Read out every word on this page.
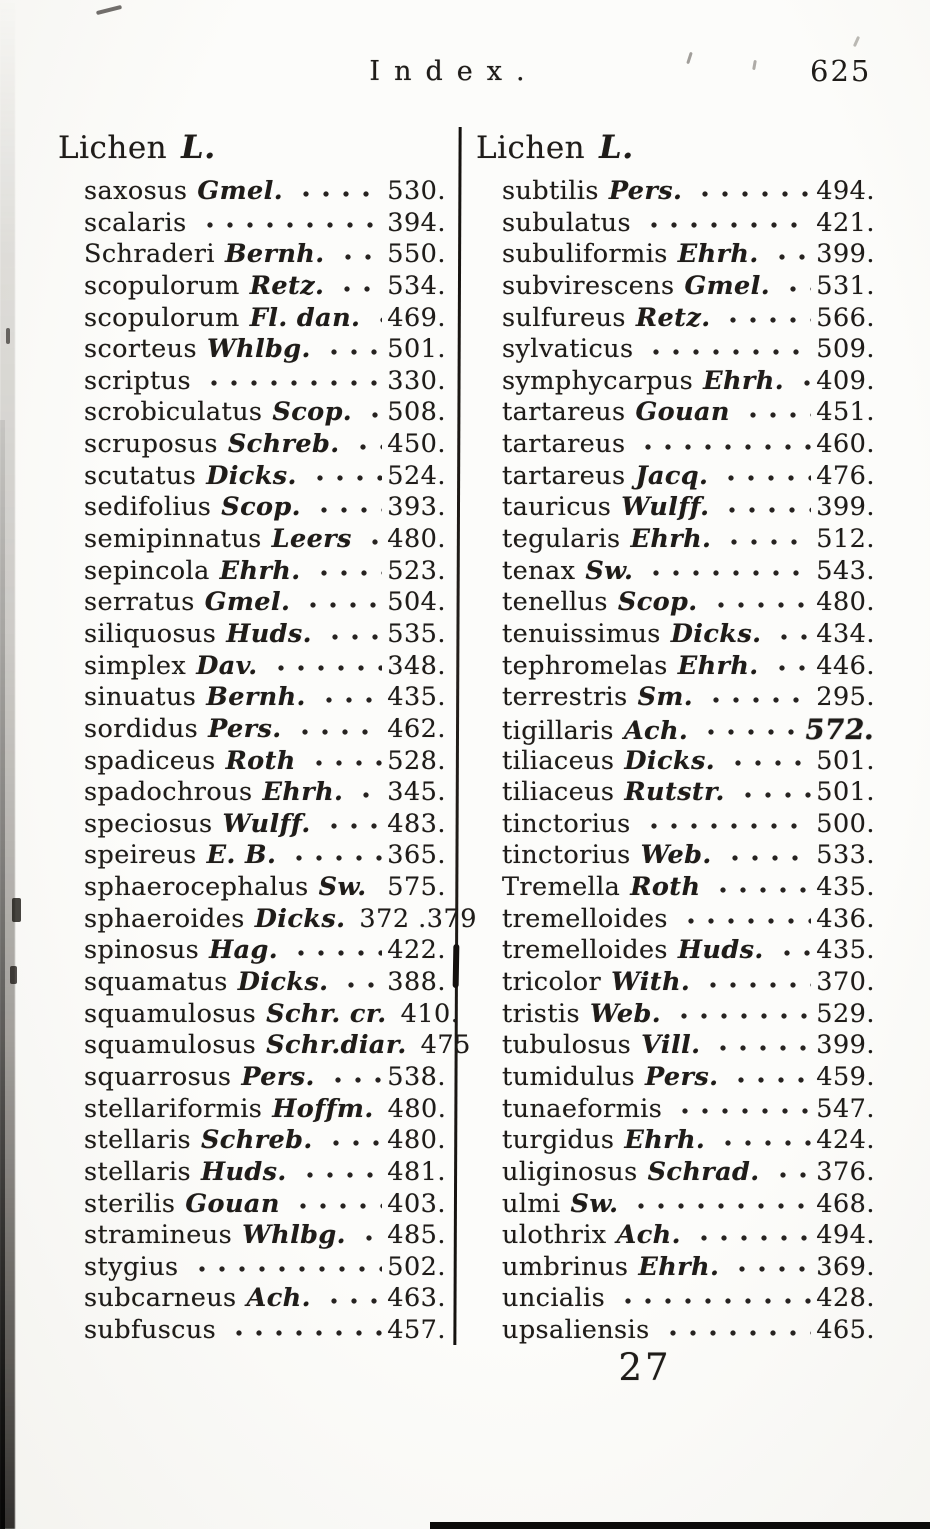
Index.	625
Lichen L.
saxosus Gmel.	530.
scalaris	394.
Schraderi Bernh. 550.
scopulorum Retz. 534.
scopulorum Fl. dan. 469.
scorteus Whlbg.	501.
scriptus	330.
scrobiculatus Scop. 508.
scruposus Schreb. 450.
scutatus Dicks.	524.
sedifolius Scop.	393.
semipinnatus Leers 480.
sepincola Ehrh.	523.
serratus Gmel.	504.
siliquosus Huds.	535.
simplex Dav.	348.
sinuatus Bernh.	435.
sordidus Pers.	462.
spadiceus Roth	528.
spadochrous Ehrh. 345.
speciosus Wulff.	483.
speireus E. B.	365.
sphaerocephalus Sw. 575.
sphaeroides Dicks. 372 .379
spinosus Hag.	422.
squamatus Dicks. 388.
squamulosus Schr. cr. 410.
squamulosus Schr.diar. 475
squarrosus Pers.	538.
stellariformis Hoffm. 480.
stellaris Schreb.	480.
stellaris Huds.	481.
sterilis Gouan	403.
stramineus Whlbg. 485.
stygius	502.
subcarneus Ach.	463.
subfuscus	457.
Lichen L.
subtilis Pers.	494.
subulatus	421.
subuliformis Ehrh. 399.
subvirescens Gmel. 531.
sulfureus Retz.	566.
sylvaticus	509.
symphycarpus Ehrh. 409.
tartareus Gouan	451.
tartareus	460.
tartareus Jacq.	476.
tauricus Wulff.	399.
tegularis Ehrh.	512.
tenax Sw.	543.
tenellus Scop.	480.
tenuissimus Dicks. 434.
tephromelas Ehrh. 446.
terrestris Sm.	295.
tigillaris Ach.	572.
tiliaceus Dicks.	501.
tiliaceus Rutstr.	501.
tinctorius	500.
tinctorius Web.	533.
Tremella Roth	435.
tremelloides	436.
tremelloides Huds. 435.
tricolor With.	370.
tristis Web.	529.
tubulosus Vill.	399.
tumidulus Pers.	459.
tunaeformis	547.
turgidus Ehrh.	424.
uliginosus Schrad. 376.
ulmi Sw.	468.
ulothrix Ach.	494.
umbrinus Ehrh.	369.
uncialis	428.
upsaliensis	465.
27
